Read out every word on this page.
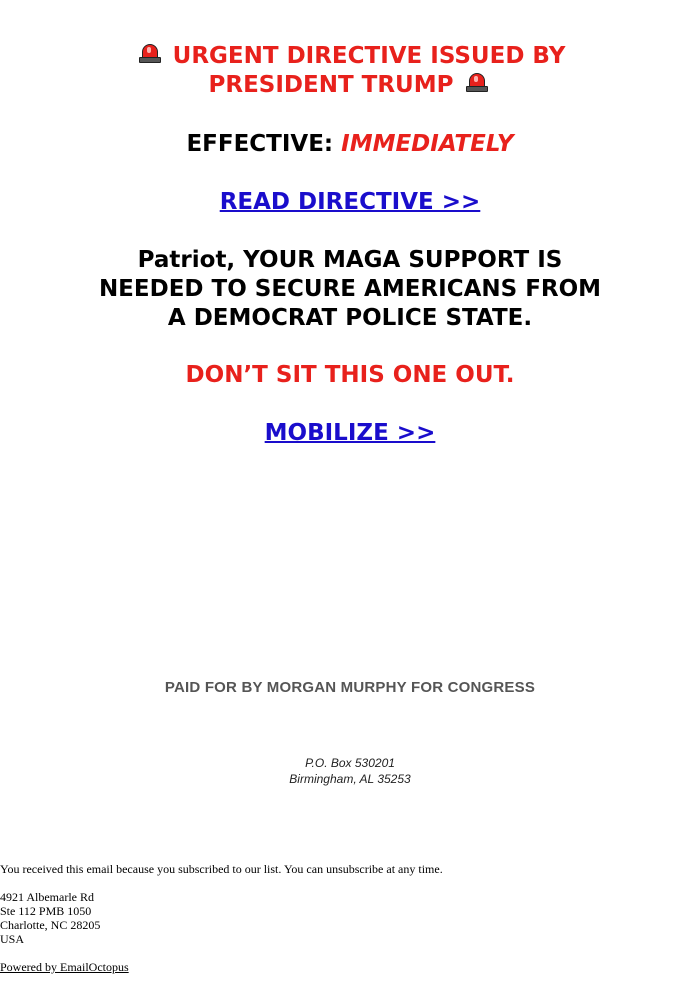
URGENT DIRECTIVE ISSUED BY
PRESIDENT TRUMP
EFFECTIVE: IMMEDIATELY
READ DIRECTIVE >>
Patriot, YOUR MAGA SUPPORT IS
NEEDED TO SECURE AMERICANS FROM
A DEMOCRAT POLICE STATE.
DON’T SIT THIS ONE OUT.
MOBILIZE >>
PAID FOR BY MORGAN MURPHY FOR CONGRESS
P.O. Box 530201
Birmingham, AL 35253
You received this email because you subscribed to our list. You can unsubscribe at any time.
4921 Albemarle Rd
Ste 112 PMB 1050
Charlotte, NC 28205
USA
Powered by EmailOctopus
